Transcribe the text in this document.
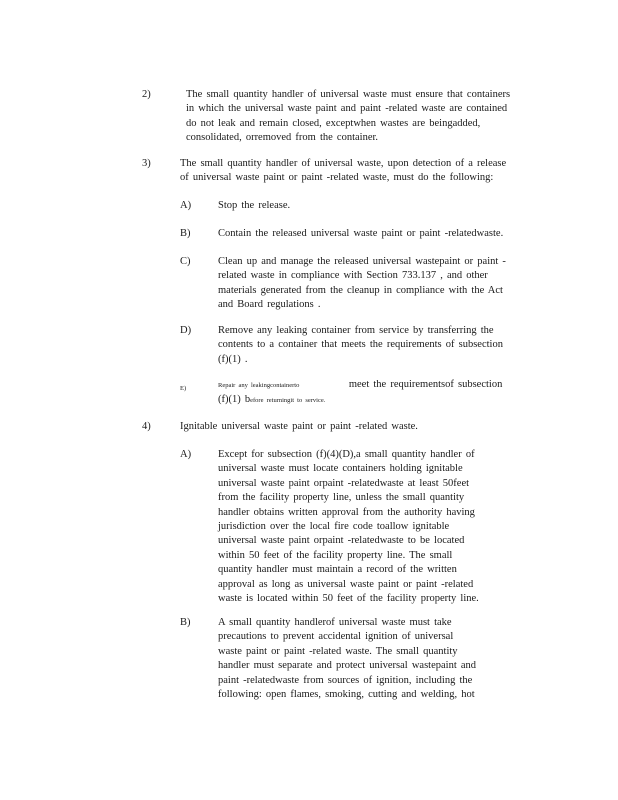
2)	The small quantity handler of universal waste must ensure that containers
in which the universal waste paint and paint -related waste are contained
do not leak and remain closed, exceptwhen wastes are beingadded,
consolidated, orremoved from the container.
3)	The small quantity handler of universal waste, upon detection of a release
of universal waste paint or paint -related waste, must do the following:
A)	Stop the release.
B)	Contain the released universal waste paint or paint -relatedwaste.
C)	Clean up and manage the released universal wastepaint or paint -
related waste in compliance with Section 733.137 , and other
materials generated from the cleanup in compliance with the Act
and Board regulations .
D)	Remove any leaking container from service by transferring the
contents to a container that meets the requirements of subsection
(f)(1) .
E)	Repair any leakingcontainerto	meet the requirementsof subsection
(f)(1) before returningit to service.
4)	Ignitable universal waste paint or paint -related waste.
A)	Except for subsection (f)(4)(D),a small quantity handler of
universal waste must locate containers holding ignitable
universal waste paint orpaint -relatedwaste at least 50feet
from the facility property line, unless the small quantity
handler obtains written approval from the authority having
jurisdiction over the local fire code toallow ignitable
universal waste paint orpaint -relatedwaste to be located
within 50 feet of the facility property line. The small
quantity handler must maintain a record of the written
approval as long as universal waste paint or paint -related
waste is located within 50 feet of the facility property line.
B)	A small quantity handlerof universal waste must take
precautions to prevent accidental ignition of universal
waste paint or paint -related waste. The small quantity
handler must separate and protect universal wastepaint and
paint -relatedwaste from sources of ignition, including the
following: open flames, smoking, cutting and welding, hot
